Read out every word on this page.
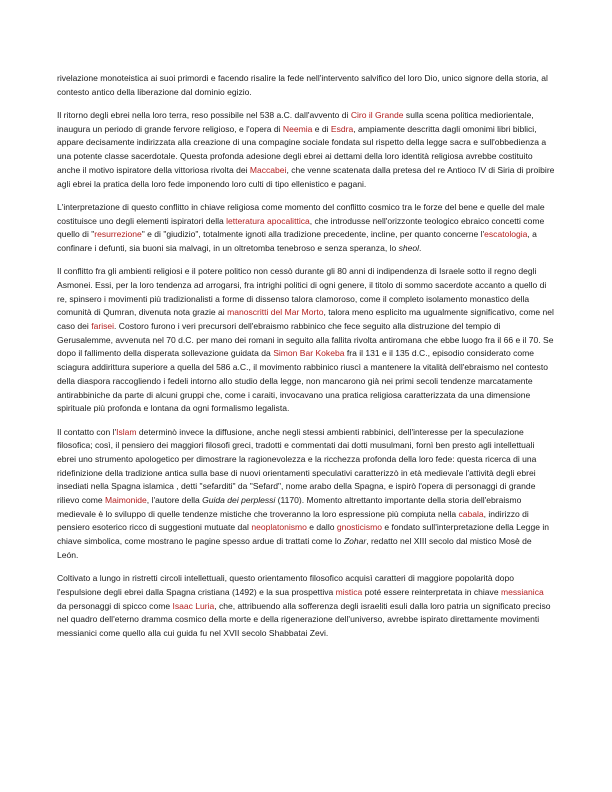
rivelazione monoteistica ai suoi primordi e facendo risalire la fede nell'intervento salvifico del loro Dio, unico signore della storia, al contesto antico della liberazione dal dominio egizio.

Il ritorno degli ebrei nella loro terra, reso possibile nel 538 a.C. dall'avvento di Ciro il Grande sulla scena politica mediorientale, inaugura un periodo di grande fervore religioso, e l'opera di Neemia e di Esdra, ampiamente descritta dagli omonimi libri biblici, appare decisamente indirizzata alla creazione di una compagine sociale fondata sul rispetto della legge sacra e sull'obbedienza a una potente classe sacerdotale. Questa profonda adesione degli ebrei ai dettami della loro identità religiosa avrebbe costituito anche il motivo ispiratore della vittoriosa rivolta dei Maccabei, che venne scatenata dalla pretesa del re Antioco IV di Siria di proibire agli ebrei la pratica della loro fede imponendo loro culti di tipo ellenistico e pagani.

L'interpretazione di questo conflitto in chiave religiosa come momento del conflitto cosmico tra le forze del bene e quelle del male costituisce uno degli elementi ispiratori della letteratura apocalittica, che introdusse nell'orizzonte teologico ebraico concetti come quello di "resurrezione" e di "giudizio", totalmente ignoti alla tradizione precedente, incline, per quanto concerne l'escatologia, a confinare i defunti, sia buoni sia malvagi, in un oltretomba tenebroso e senza speranza, lo sheol.

Il conflitto fra gli ambienti religiosi e il potere politico non cessò durante gli 80 anni di indipendenza di Israele sotto il regno degli Asmonei. Essi, per la loro tendenza ad arrogarsi, fra intrighi politici di ogni genere, il titolo di sommo sacerdote accanto a quello di re, spinsero i movimenti più tradizionalisti a forme di dissenso talora clamoroso, come il completo isolamento monastico della comunità di Qumran, divenuta nota grazie ai manoscritti del Mar Morto, talora meno esplicito ma ugualmente significativo, come nel caso dei farisei. Costoro furono i veri precursori dell'ebraismo rabbinico che fece seguito alla distruzione del tempio di Gerusalemme, avvenuta nel 70 d.C. per mano dei romani in seguito alla fallita rivolta antiromana che ebbe luogo fra il 66 e il 70. Se dopo il fallimento della disperata sollevazione guidata da Simon Bar Kokeba fra il 131 e il 135 d.C., episodio considerato come sciagura addirittura superiore a quella del 586 a.C., il movimento rabbinico riuscì a mantenere la vitalità dell'ebraismo nel contesto della diaspora raccogliendo i fedeli intorno allo studio della legge, non mancarono già nei primi secoli tendenze marcatamente antirabbiniche da parte di alcuni gruppi che, come i caraiti, invocavano una pratica religiosa caratterizzata da una dimensione spirituale più profonda e lontana da ogni formalismo legalista.

Il contatto con l'Islam determinò invece la diffusione, anche negli stessi ambienti rabbinici, dell'interesse per la speculazione filosofica; così, il pensiero dei maggiori filosofi greci, tradotti e commentati dai dotti musulmani, fornì ben presto agli intellettuali ebrei uno strumento apologetico per dimostrare la ragionevolezza e la ricchezza profonda della loro fede: questa ricerca di una ridefinizione della tradizione antica sulla base di nuovi orientamenti speculativi caratterizzò in età medievale l'attività degli ebrei insediati nella Spagna islamica , detti "sefarditi" da "Sefard", nome arabo della Spagna, e ispirò l'opera di personaggi di grande rilievo come Maimonide, l'autore della Guida dei perplessi (1170). Momento altrettanto importante della storia dell'ebraismo medievale è lo sviluppo di quelle tendenze mistiche che troveranno la loro espressione più compiuta nella cabala, indirizzo di pensiero esoterico ricco di suggestioni mutuate dal neoplatonismo e dallo gnosticismo e fondato sull'interpretazione della Legge in chiave simbolica, come mostrano le pagine spesso ardue di trattati come lo Zohar, redatto nel XIII secolo dal mistico Mosè de León.

Coltivato a lungo in ristretti circoli intellettuali, questo orientamento filosofico acquisì caratteri di maggiore popolarità dopo l'espulsione degli ebrei dalla Spagna cristiana (1492) e la sua prospettiva mistica poté essere reinterpretata in chiave messianica da personaggi di spicco come Isaac Luria, che, attribuendo alla sofferenza degli israeliti esuli dalla loro patria un significato preciso nel quadro dell'eterno dramma cosmico della morte e della rigenerazione dell'universo, avrebbe ispirato direttamente movimenti messianici come quello alla cui guida fu nel XVII secolo Shabbatai Zevi.
